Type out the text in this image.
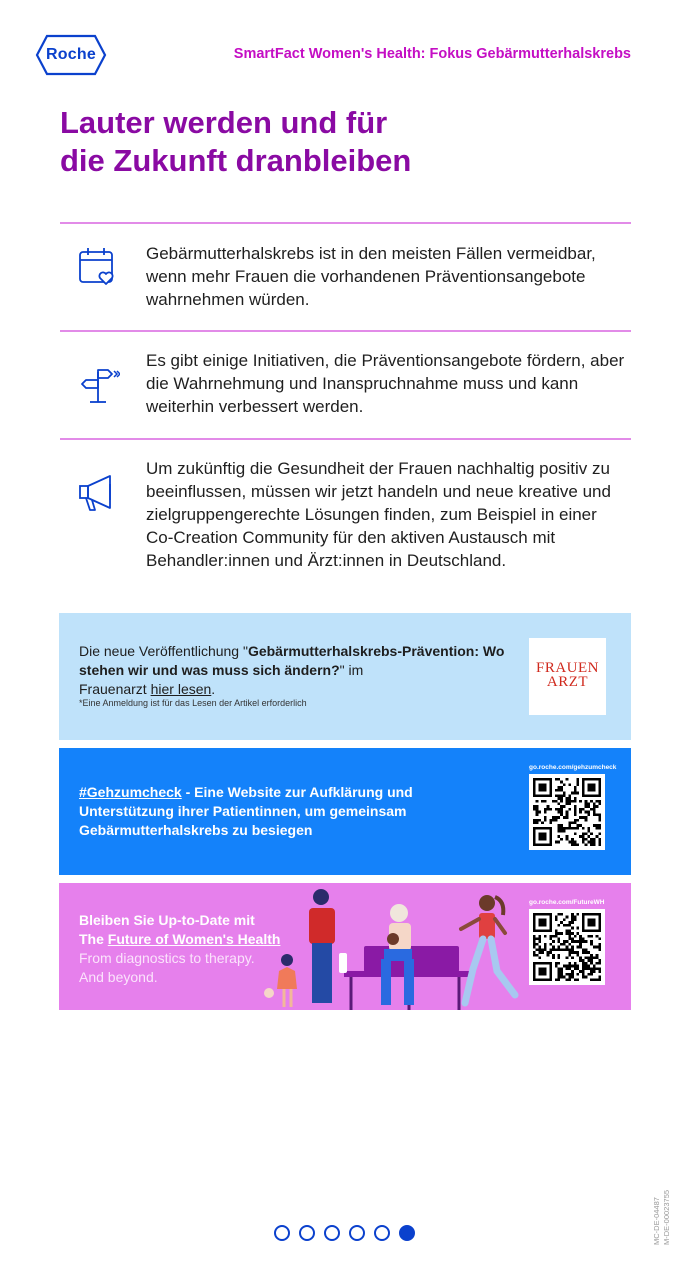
Roche	SmartFact Women's Health: Fokus Gebärmutterhalskrebs
Lauter werden und für
die Zukunft dranbleiben
Gebärmutterhalskrebs ist in den meisten Fällen vermeidbar, wenn mehr Frauen die vorhandenen Präventionsangebote wahrnehmen würden.
Es gibt einige Initiativen, die Präventionsangebote fördern, aber die Wahrnehmung und Inanspruchnahme muss und kann weiterhin verbessert werden.
Um zukünftig die Gesundheit der Frauen nachhaltig positiv zu beeinflussen, müssen wir jetzt handeln und neue kreative und zielgruppengerechte Lösungen finden, zum Beispiel in einer Co-Creation Community für den aktiven Austausch mit Behandler:innen und Ärzt:innen in Deutschland.
Die neue Veröffentlichung "Gebärmutterhalskrebs-Prävention: Wo stehen wir und was muss sich ändern?" im
Frauenarzt hier lesen.
*Eine Anmeldung ist für das Lesen der Artikel erforderlich
FRAUEN
ARZT
#Gehzumcheck - Eine Website zur Aufklärung und Unterstützung ihrer Patientinnen, um gemeinsam Gebärmutterhalskrebs zu besiegen
go.roche.com/gehzumcheck
Bleiben Sie Up-to-Date mit
The Future of Women's Health
From diagnostics to therapy.
And beyond.
go.roche.com/FutureWH
MC-DE-04487 M-DE-00023755
